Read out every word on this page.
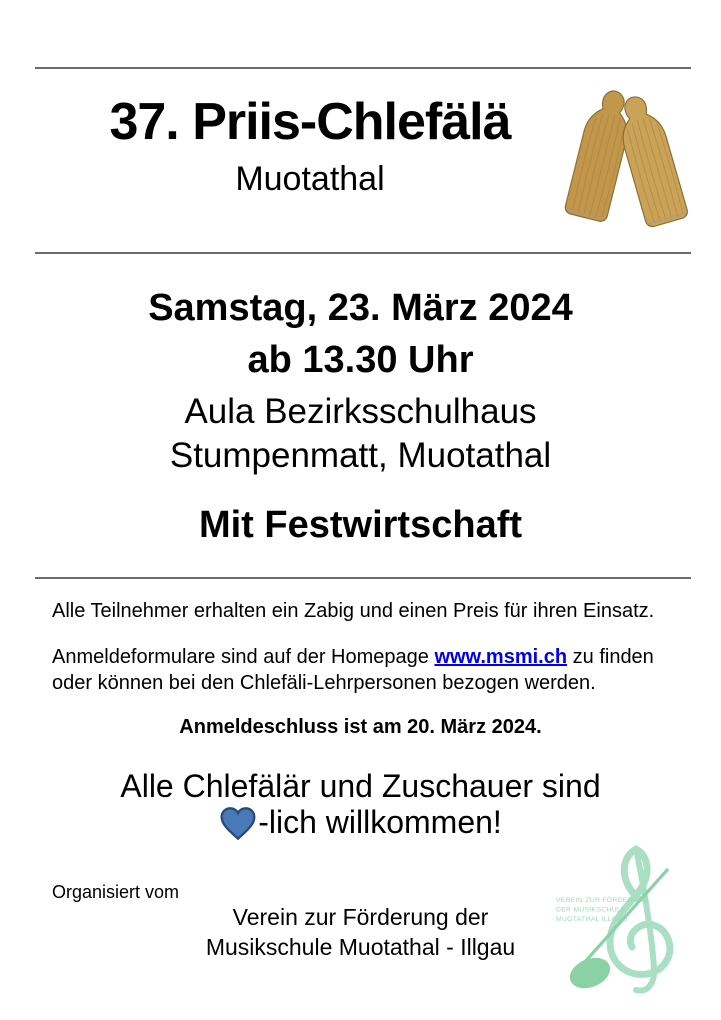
37. Priis-Chlefälä
Muotathal
Samstag, 23. März 2024
ab 13.30 Uhr
Aula Bezirksschulhaus
Stumpenmatt, Muotathal
Mit Festwirtschaft
Alle Teilnehmer erhalten ein Zabig und einen Preis für ihren Einsatz.
Anmeldeformulare sind auf der Homepage www.msmi.ch zu finden
oder können bei den Chlefäli-Lehrpersonen bezogen werden.
Anmeldeschluss ist am 20. März 2024.
Alle Chlefälär und Zuschauer sind
-lich willkommen!
Organisiert vom
Verein zur Förderung der
Musikschule Muotathal - Illgau
VEREIN ZUR FÖRDERUNG
DER MUSIKSCHULE
MUOTATHAL ILLGAU
